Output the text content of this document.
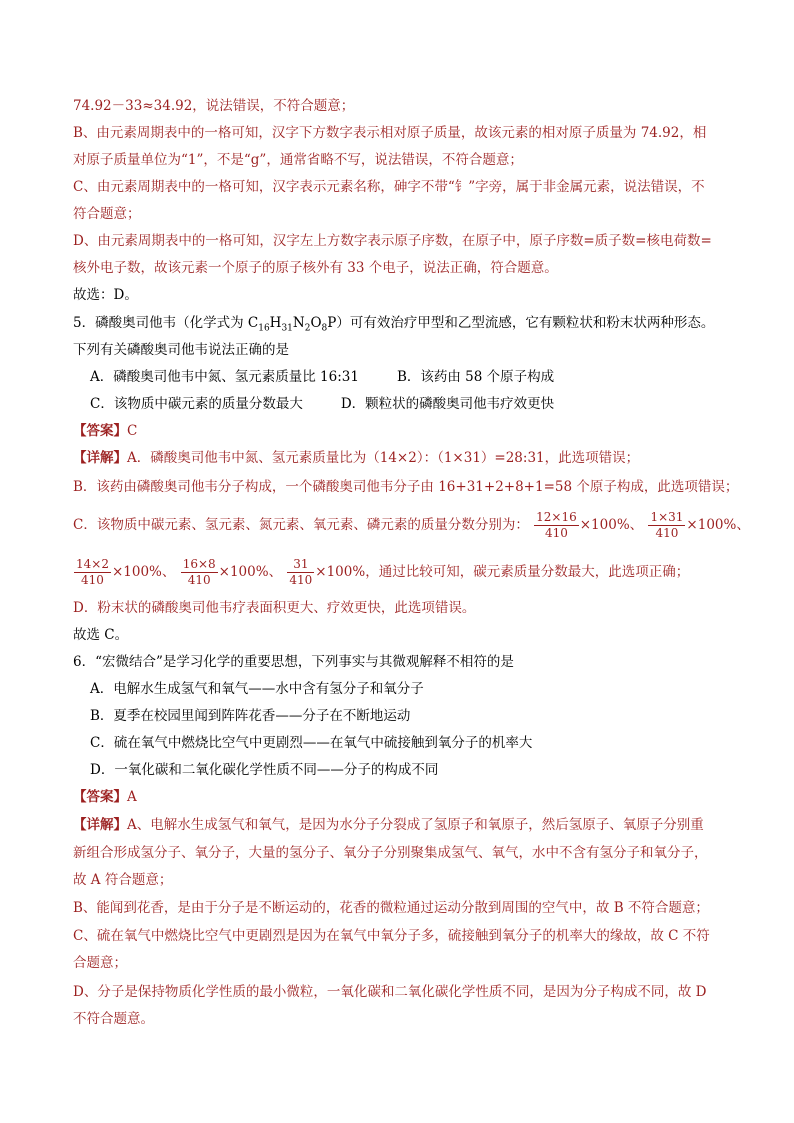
74.92－33≈34.92，说法错误，不符合题意；
B、由元素周期表中的一格可知，汉字下方数字表示相对原子质量，故该元素的相对原子质量为 74.92，相
对原子质量单位为“1”，不是“g”，通常省略不写，说法错误，不符合题意；
C、由元素周期表中的一格可知，汉字表示元素名称，砷字不带“钅”字旁，属于非金属元素，说法错误，不
符合题意；
D、由元素周期表中的一格可知，汉字左上方数字表示原子序数，在原子中，原子序数=质子数=核电荷数=
核外电子数，故该元素一个原子的原子核外有 33 个电子，说法正确，符合题意。
故选：D。
5．磷酸奥司他韦（化学式为 $C_{16}H_{31}N_2O_8P$）可有效治疗甲型和乙型流感，它有颗粒状和粉末状两种形态。
下列有关磷酸奥司他韦说法正确的是
A．磷酸奥司他韦中氮、氢元素质量比 16:31	B．该药由 58 个原子构成
C．该物质中碳元素的质量分数最大	D．颗粒状的磷酸奥司他韦疗效更快
【答案】C
【详解】A．磷酸奥司他韦中氮、氢元素质量比为（14×2）：（1×31）=28:31，此选项错误；
B．该药由磷酸奥司他韦分子构成，一个磷酸奥司他韦分子由 16+31+2+8+1=58 个原子构成，此选项错误；
C．该物质中碳元素、氢元素、氮元素、氧元素、磷元素的质量分数分别为： $\frac{12\times 16}{410} \times 100\%$、 $\frac{1\times 31}{410} \times 100\%$、
$\frac{14\times 2}{410} \times 100\%$、 $\frac{16\times 8}{410} \times 100\%$、 $\frac{31}{410} \times 100\%$，通过比较可知，碳元素质量分数最大，此选项正确；
D．粉末状的磷酸奥司他韦疗表面积更大、疗效更快，此选项错误。
故选 C。
6．“宏微结合”是学习化学的重要思想，下列事实与其微观解释不相符的是
A．电解水生成氢气和氧气——水中含有氢分子和氧分子
B．夏季在校园里闻到阵阵花香——分子在不断地运动
C．硫在氧气中燃烧比空气中更剧烈——在氧气中硫接触到氧分子的机率大
D．一氧化碳和二氧化碳化学性质不同——分子的构成不同
【答案】A
【详解】A、电解水生成氢气和氧气，是因为水分子分裂成了氢原子和氧原子，然后氢原子、氧原子分别重
新组合形成氢分子、氧分子，大量的氢分子、氧分子分别聚集成氢气、氧气，水中不含有氢分子和氧分子，
故 A 符合题意；
B、能闻到花香，是由于分子是不断运动的，花香的微粒通过运动分散到周围的空气中，故 B 不符合题意；
C、硫在氧气中燃烧比空气中更剧烈是因为在氧气中氧分子多，硫接触到氧分子的机率大的缘故，故 C 不符
合题意；
D、分子是保持物质化学性质的最小微粒，一氧化碳和二氧化碳化学性质不同，是因为分子构成不同，故 D
不符合题意。
